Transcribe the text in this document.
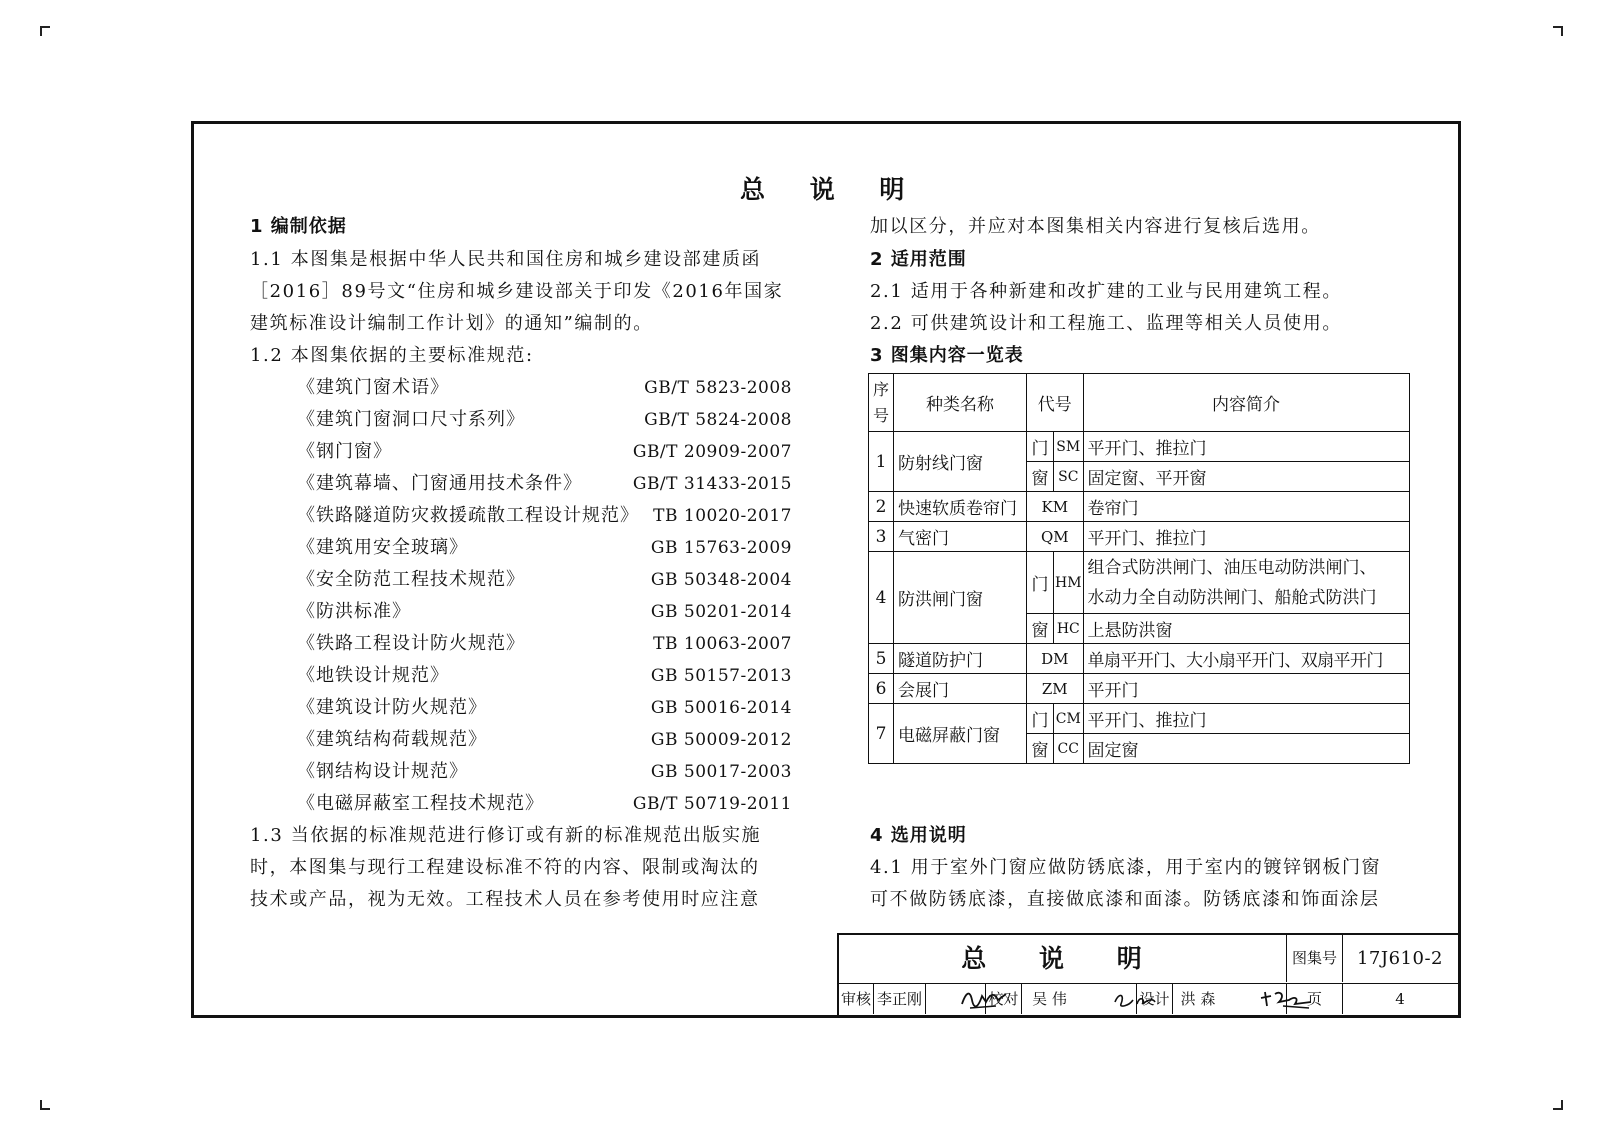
总 说 明
1 编制依据
1.1 本图集是根据中华人民共和国住房和城乡建设部建质函
［2016］89号文“住房和城乡建设部关于印发《2016年国家
建筑标准设计编制工作计划》的通知”编制的。
1.2 本图集依据的主要标准规范:
《建筑门窗术语》	GB/T 5823-2008
《建筑门窗洞口尺寸系列》	GB/T 5824-2008
《钢门窗》	GB/T 20909-2007
《建筑幕墙、门窗通用技术条件》	GB/T 31433-2015
《铁路隧道防灾救援疏散工程设计规范》 TB 10020-2017
《建筑用安全玻璃》	GB 15763-2009
《安全防范工程技术规范》	GB 50348-2004
《防洪标准》	GB 50201-2014
《铁路工程设计防火规范》	TB 10063-2007
《地铁设计规范》	GB 50157-2013
《建筑设计防火规范》	GB 50016-2014
《建筑结构荷载规范》	GB 50009-2012
《钢结构设计规范》	GB 50017-2003
《电磁屏蔽室工程技术规范》	GB/T 50719-2011
1.3 当依据的标准规范进行修订或有新的标准规范出版实施
时，本图集与现行工程建设标准不符的内容、限制或淘汰的
技术或产品，视为无效。工程技术人员在参考使用时应注意
加以区分，并应对本图集相关内容进行复核后选用。
2 适用范围
2.1 适用于各种新建和改扩建的工业与民用建筑工程。
2.2 可供建筑设计和工程施工、监理等相关人员使用。
3 图集内容一览表
序号	种类名称	代号		内容简介
1	防射线门窗	门	SM	平开门、推拉门
		窗	SC	固定窗、平开窗
2	快速软质卷帘门	KM		卷帘门
3	气密门	QM		平开门、推拉门
4	防洪闸门窗	门	HM	组合式防洪闸门、油压电动防洪闸门、
水动力全自动防洪闸门、船舱式防洪门

		窗	HC	上悬防洪窗
5	隧道防护门	DM		单扇平开门、大小扇平开门、双扇平开门
6	会展门	ZM		平开门
7	电磁屏蔽门窗	门	CM	平开门、推拉门
		窗	CC	固定窗
4 选用说明
4.1 用于室外门窗应做防锈底漆，用于室内的镀锌钢板门窗
可不做防锈底漆，直接做底漆和面漆。防锈底漆和饰面涂层
总 说 明	图集号	17J610-2
审核 李正刚	校对 吴 伟	设计 洪 森	页	4
